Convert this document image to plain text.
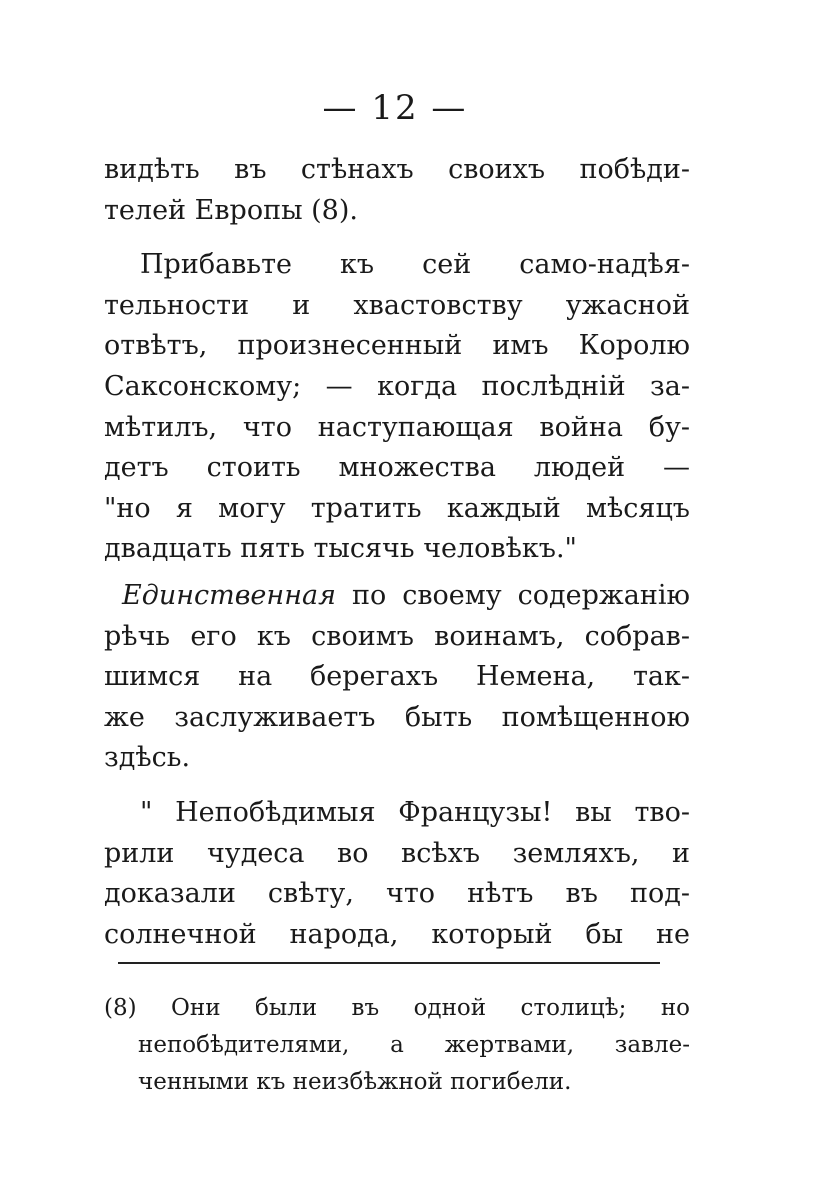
— 12 —

видѣть въ стѣнахъ своихъ побѣди-
телей Европы (8).

Прибавьте къ сей само-надѣя-
тельности и хвастовству ужасной
отвѣтъ, произнесенный имъ Королю
Саксонскому; — когда послѣдній за-
мѣтилъ, что наступающая война бу-
детъ стоить множества людей —
"но я могу тратить каждый мѣсяцъ
двадцать пять тысячь человѣкъ."

Единственная по своему содержанію
рѣчь его къ своимъ воинамъ, собрав-
шимся на берегахъ Немена, так-
же заслуживаетъ быть помѣщенною
здѣсь.

" Непобѣдимыя Французы! вы тво-
рили чудеса во всѣхъ земляхъ, и
доказали свѣту, что нѣтъ въ под-
солнечной народа, который бы не

(8) Они были въ одной столицѣ; но
непобѣдителями, а жертвами, завле-
ченными къ неизбѣжной погибели.
